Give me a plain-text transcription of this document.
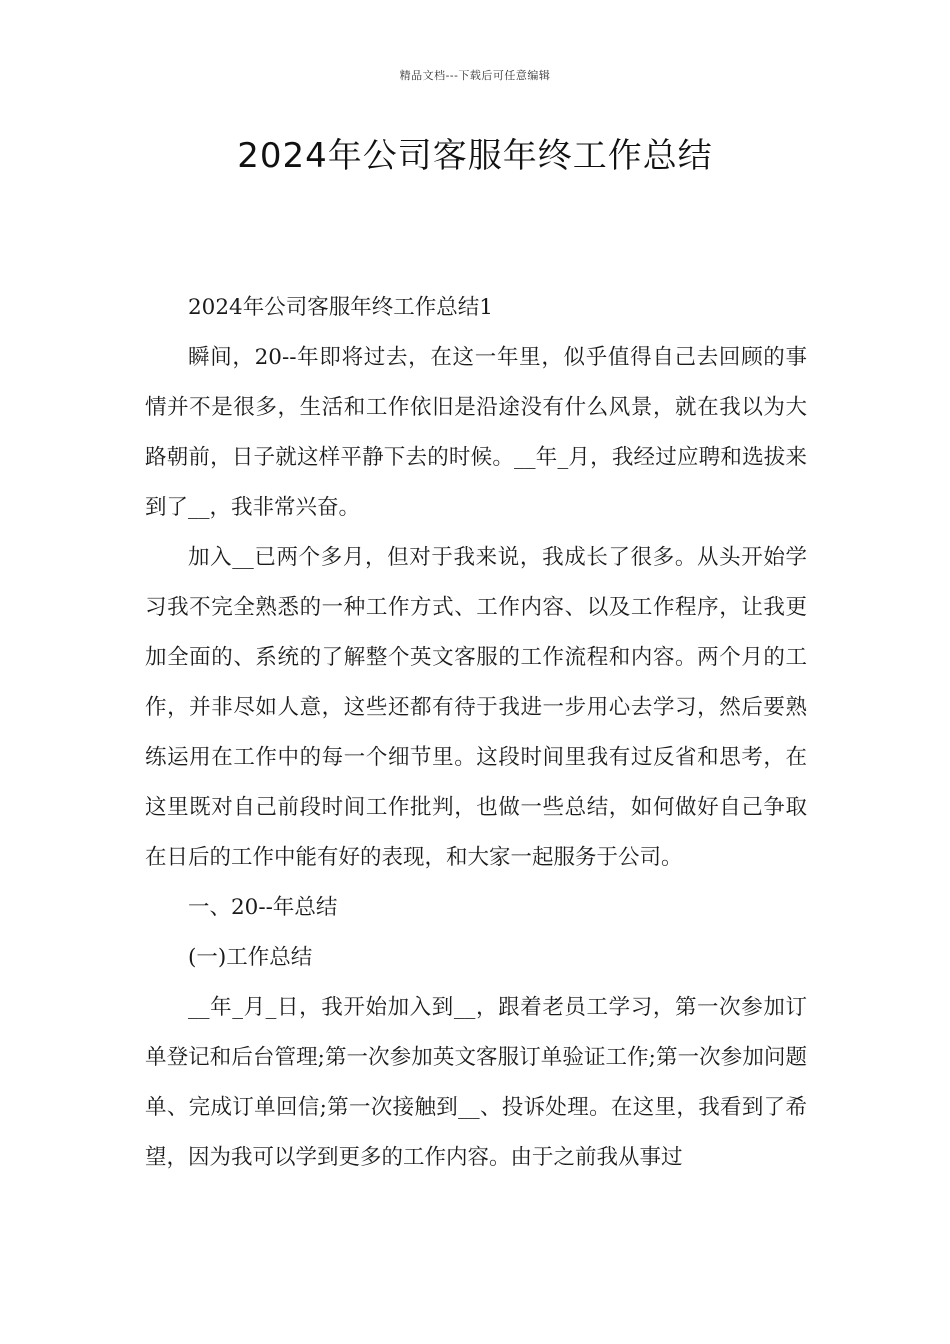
精品文档---下载后可任意编辑
2024年公司客服年终工作总结

2024年公司客服年终工作总结1

瞬间，20--年即将过去，在这一年里，似乎值得自己去回顾的事情并不是很多，生活和工作依旧是沿途没有什么风景，就在我以为大路朝前，日子就这样平静下去的时候。__年_月，我经过应聘和选拔来到了__，我非常兴奋。

加入__已两个多月，但对于我来说，我成长了很多。从头开始学习我不完全熟悉的一种工作方式、工作内容、以及工作程序，让我更加全面的、系统的了解整个英文客服的工作流程和内容。两个月的工作，并非尽如人意，这些还都有待于我进一步用心去学习，然后要熟练运用在工作中的每一个细节里。这段时间里我有过反省和思考，在这里既对自己前段时间工作批判，也做一些总结，如何做好自己争取在日后的工作中能有好的表现，和大家一起服务于公司。

一、20--年总结

(一)工作总结

__年_月_日，我开始加入到__，跟着老员工学习，第一次参加订单登记和后台管理;第一次参加英文客服订单验证工作;第一次参加问题单、完成订单回信;第一次接触到__、投诉处理。在这里，我看到了希望，因为我可以学到更多的工作内容。由于之前我从事过
